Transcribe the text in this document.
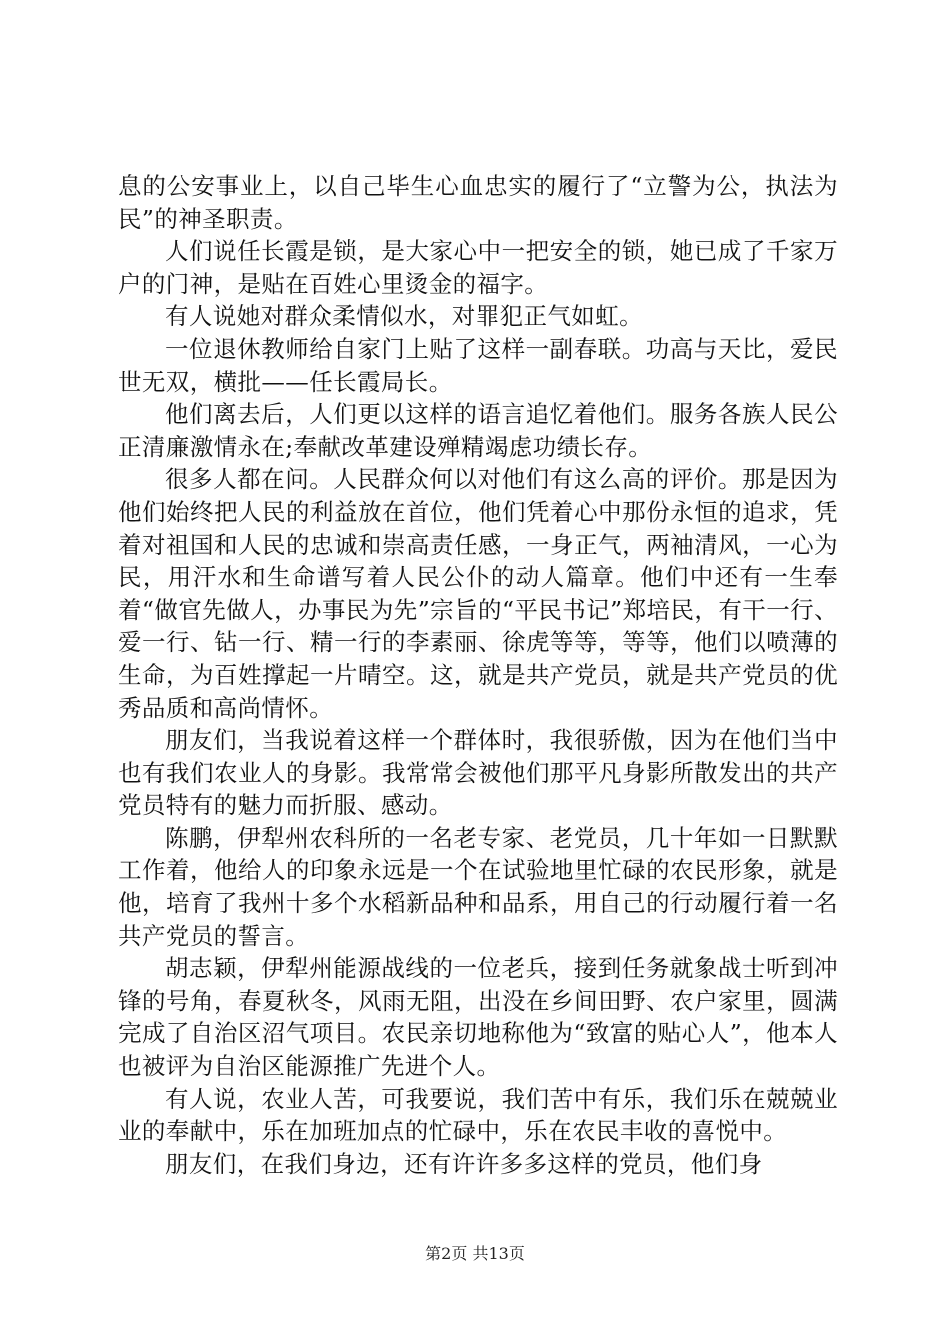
息的公安事业上，以自己毕生心血忠实的履行了“立警为公，执法为民”的神圣职责。

人们说任长霞是锁，是大家心中一把安全的锁，她已成了千家万户的门神，是贴在百姓心里烫金的福字。

有人说她对群众柔情似水，对罪犯正气如虹。

一位退休教师给自家门上贴了这样一副春联。功高与天比，爱民世无双，横批——任长霞局长。

他们离去后，人们更以这样的语言追忆着他们。服务各族人民公正清廉激情永在;奉献改革建设殚精竭虑功绩长存。

很多人都在问。人民群众何以对他们有这么高的评价。那是因为他们始终把人民的利益放在首位，他们凭着心中那份永恒的追求，凭着对祖国和人民的忠诚和崇高责任感，一身正气，两袖清风，一心为民，用汗水和生命谱写着人民公仆的动人篇章。他们中还有一生奉着“做官先做人，办事民为先”宗旨的“平民书记”郑培民，有干一行、爱一行、钻一行、精一行的李素丽、徐虎等等，等等，他们以喷薄的生命，为百姓撑起一片晴空。这，就是共产党员，就是共产党员的优秀品质和高尚情怀。

朋友们，当我说着这样一个群体时，我很骄傲，因为在他们当中也有我们农业人的身影。我常常会被他们那平凡身影所散发出的共产党员特有的魅力而折服、感动。

陈鹏，伊犁州农科所的一名老专家、老党员，几十年如一日默默工作着，他给人的印象永远是一个在试验地里忙碌的农民形象，就是他，培育了我州十多个水稻新品种和品系，用自己的行动履行着一名共产党员的誓言。

胡志颖，伊犁州能源战线的一位老兵，接到任务就象战士听到冲锋的号角，春夏秋冬，风雨无阻，出没在乡间田野、农户家里，圆满完成了自治区沼气项目。农民亲切地称他为“致富的贴心人”，他本人也被评为自治区能源推广先进个人。

有人说，农业人苦，可我要说，我们苦中有乐，我们乐在兢兢业业的奉献中，乐在加班加点的忙碌中，乐在农民丰收的喜悦中。

朋友们，在我们身边，还有许许多多这样的党员，他们身

第2页 共13页
